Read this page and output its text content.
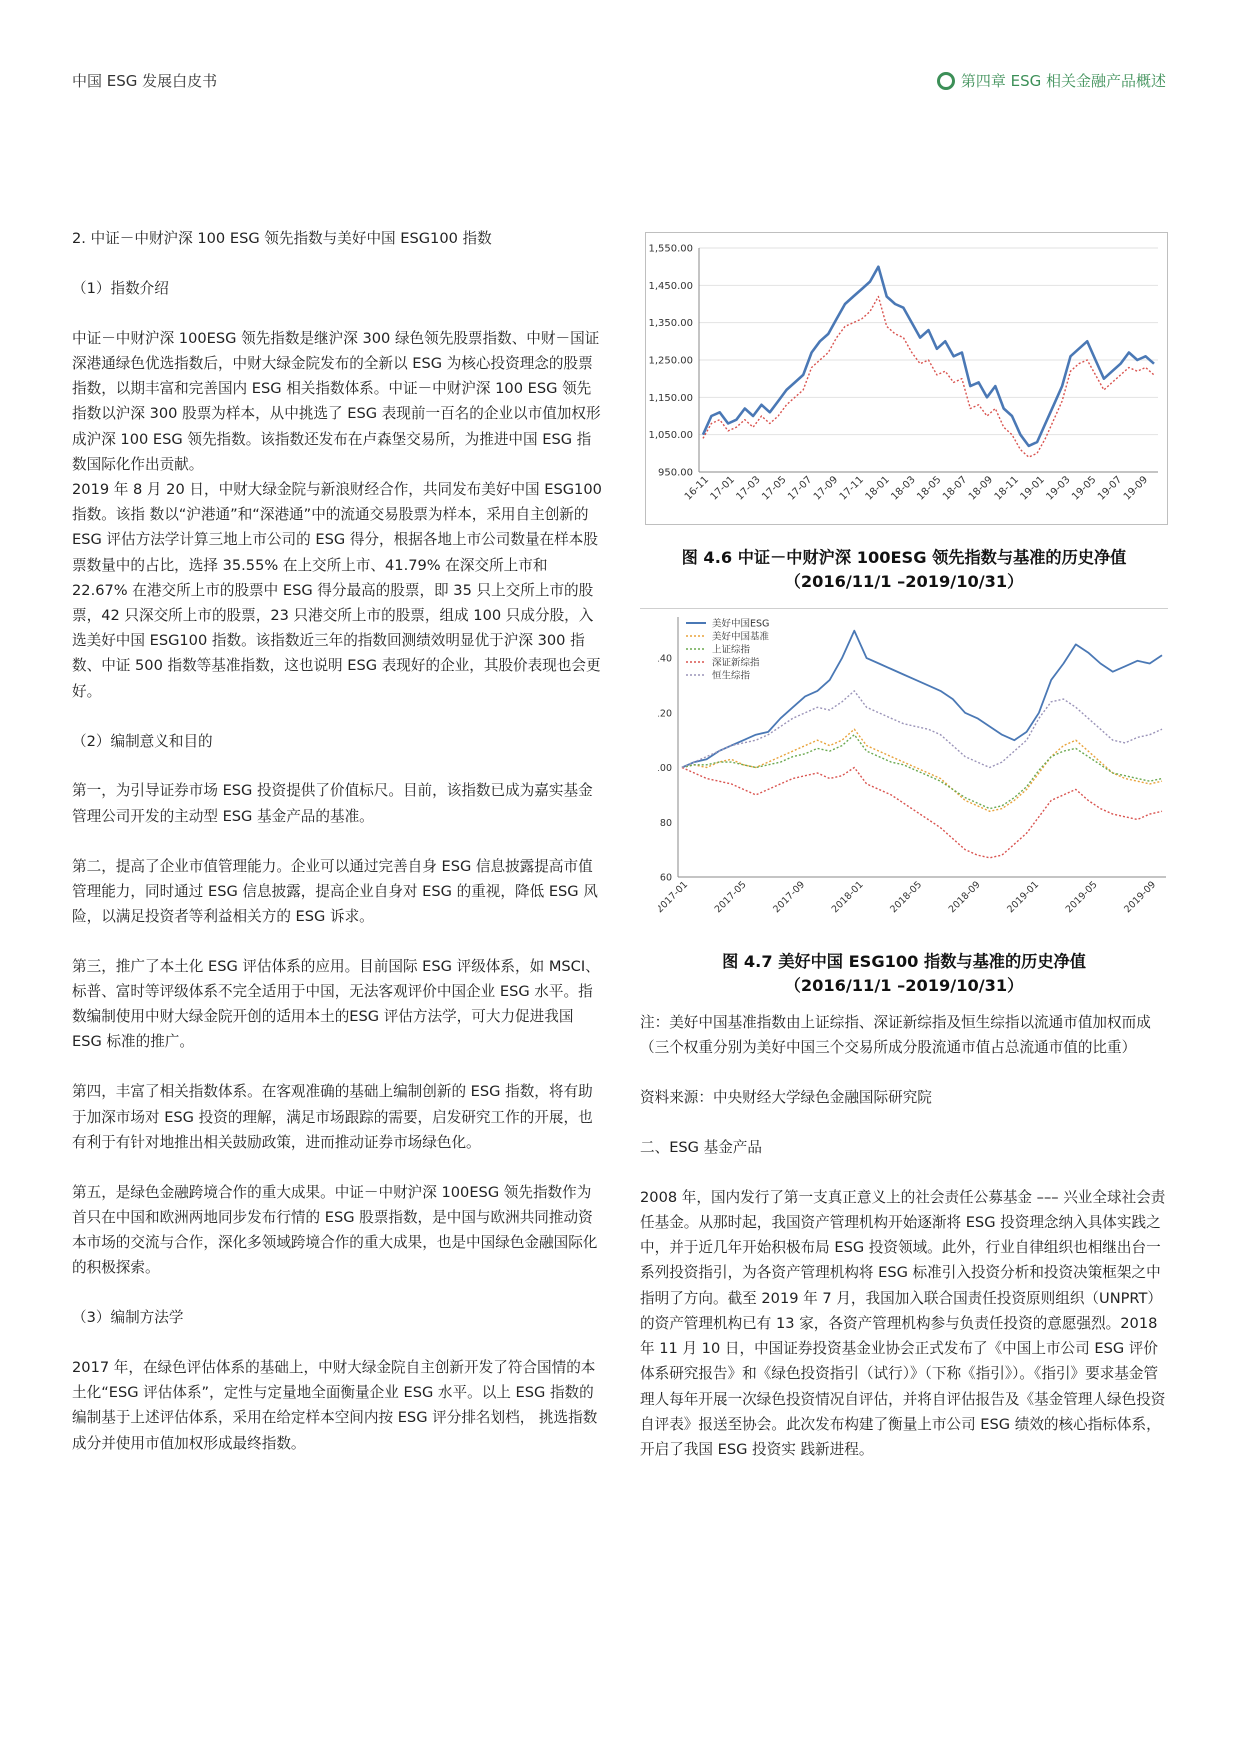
中国 ESG 发展白皮书	第四章 ESG 相关金融产品概述

2. 中证－中财沪深 100 ESG 领先指数与美好中国 ESG100 指数

（1）指数介绍

中证－中财沪深 100ESG 领先指数是继沪深 300 绿色领先股票指数、中财－国证深港通绿色优选指数后，中财大绿金院发布的全新以 ESG 为核心投资理念的股票指数，以期丰富和完善国内 ESG 相关指数体系。中证－中财沪深 100 ESG 领先指数以沪深 300 股票为样本，从中挑选了 ESG 表现前一百名的企业以市值加权形成沪深 100 ESG 领先指数。该指数还发布在卢森堡交易所，为推进中国 ESG 指数国际化作出贡献。

2019 年 8 月 20 日，中财大绿金院与新浪财经合作，共同发布美好中国 ESG100 指数。该指 数以“沪港通”和“深港通”中的流通交易股票为样本，采用自主创新的 ESG 评估方法学计算三地上市公司的 ESG 得分，根据各地上市公司数量在样本股票数量中的占比，选择 35.55% 在上交所上市、41.79% 在深交所上市和 22.67% 在港交所上市的股票中 ESG 得分最高的股票，即 35 只上交所上市的股票，42 只深交所上市的股票，23 只港交所上市的股票，组成 100 只成分股，入选美好中国 ESG100 指数。该指数近三年的指数回测绩效明显优于沪深 300 指数、中证 500 指数等基准指数，这也说明 ESG 表现好的企业，其股价表现也会更好。

（2）编制意义和目的

第一，为引导证券市场 ESG 投资提供了价值标尺。目前，该指数已成为嘉实基金管理公司开发的主动型 ESG 基金产品的基准。

第二，提高了企业市值管理能力。企业可以通过完善自身 ESG 信息披露提高市值管理能力，同时通过 ESG 信息披露，提高企业自身对 ESG 的重视，降低 ESG 风险，以满足投资者等利益相关方的 ESG 诉求。

第三，推广了本土化 ESG 评估体系的应用。目前国际 ESG 评级体系，如 MSCI、标普、富时等评级体系不完全适用于中国，无法客观评价中国企业 ESG 水平。指数编制使用中财大绿金院开创的适用本土的ESG 评估方法学，可大力促进我国 ESG 标准的推广。

第四，丰富了相关指数体系。在客观准确的基础上编制创新的 ESG 指数，将有助于加深市场对 ESG 投资的理解，满足市场跟踪的需要，启发研究工作的开展，也有利于有针对地推出相关鼓励政策，进而推动证券市场绿色化。

第五，是绿色金融跨境合作的重大成果。中证－中财沪深 100ESG 领先指数作为首只在中国和欧洲两地同步发布行情的 ESG 股票指数，是中国与欧洲共同推动资本市场的交流与合作，深化多领域跨境合作的重大成果，也是中国绿色金融国际化的积极探索。

（3）编制方法学

2017 年，在绿色评估体系的基础上，中财大绿金院自主创新开发了符合国情的本土化“ESG 评估体系”，定性与定量地全面衡量企业 ESG 水平。以上 ESG 指数的编制基于上述评估体系，采用在给定样本空间内按 ESG 评分排名划档， 挑选指数成分并使用市值加权形成最终指数。

1,550.00
1,450.00
1,350.00
1,250.00
1,150.00
1,050.00
950.00
16-11
17-01
17-03
17-05
17-07
17-09
17-11
18-01
18-03
18-05
18-07
18-09
18-11
19-01
19-03
19-05
19-07
19-09
图 4.6 中证－中财沪深 100ESG 领先指数与基准的历史净值
（2016/11/1 –2019/10/31）
40
20
00
80
60
2017-01 2017-05 2017-09 2018-01 2018-05 2018-09 2019-01 2019-05 2019-09
美好中国ESG
美好中国基准
上证综指
深证新综指
恒生综指
图 4.7 美好中国 ESG100 指数与基准的历史净值
（2016/11/1 –2019/10/31）

注：美好中国基准指数由上证综指、深证新综指及恒生综指以流通市值加权而成（三个权重分别为美好中国三个交易所成分股流通市值占总流通市值的比重）

资料来源：中央财经大学绿色金融国际研究院

二、ESG 基金产品

2008 年，国内发行了第一支真正意义上的社会责任公募基金 ––– 兴业全球社会责任基金。从那时起，我国资产管理机构开始逐渐将 ESG 投资理念纳入具体实践之中，并于近几年开始积极布局 ESG 投资领域。此外，行业自律组织也相继出台一系列投资指引，为各资产管理机构将 ESG 标准引入投资分析和投资决策框架之中指明了方向。截至 2019 年 7 月，我国加入联合国责任投资原则组织（UNPRT）的资产管理机构已有 13 家，各资产管理机构参与负责任投资的意愿强烈。2018 年 11 月 10 日，中国证券投资基金业协会正式发布了《中国上市公司 ESG 评价体系研究报告》和《绿色投资指引（试行）》（下称《指引》）。《指引》要求基金管理人每年开展一次绿色投资情况自评估，并将自评估报告及《基金管理人绿色投资自评表》报送至协会。此次发布构建了衡量上市公司 ESG 绩效的核心指标体系，开启了我国 ESG 投资实 践新进程。
